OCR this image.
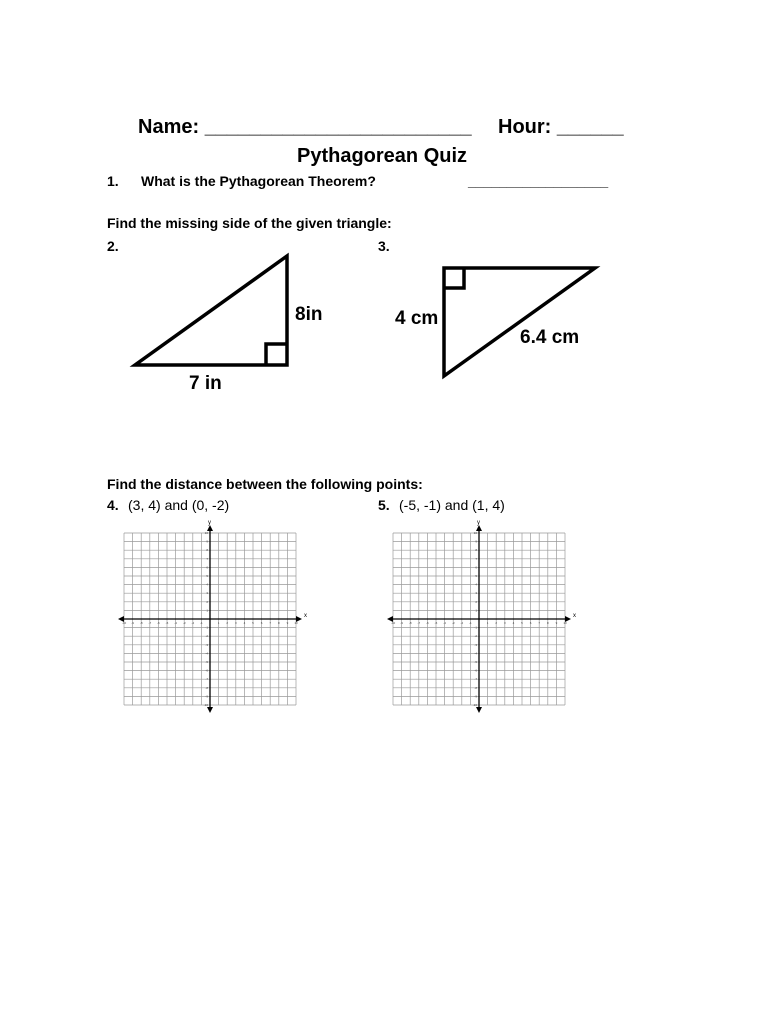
Name: ________________________ Hour: ______
Pythagorean Quiz
1. What is the Pythagorean Theorem?	__________________
Find the missing side of the given triangle:
2.	3.
8in
7 in
4 cm
6.4 cm
Find the distance between the following points:
4. (3, 4) and (0, -2)	5. (-5, -1) and (1, 4)
x
y
-10
-10
-9
-9
-8
-8
-7
-7
-6
-6
-5
-5
-4
-4
-3
-3
-2
-2
-1
-1
1
1
2
2
3
3
4
4
5
5
6
6
7
7
8
8
9
9
10
10
x
y
-10
-10
-9
-9
-8
-8
-7
-7
-6
-6
-5
-5
-4
-4
-3
-3
-2
-2
-1
-1
1
1
2
2
3
3
4
4
5
5
6
6
7
7
8
8
9
9
10
10
